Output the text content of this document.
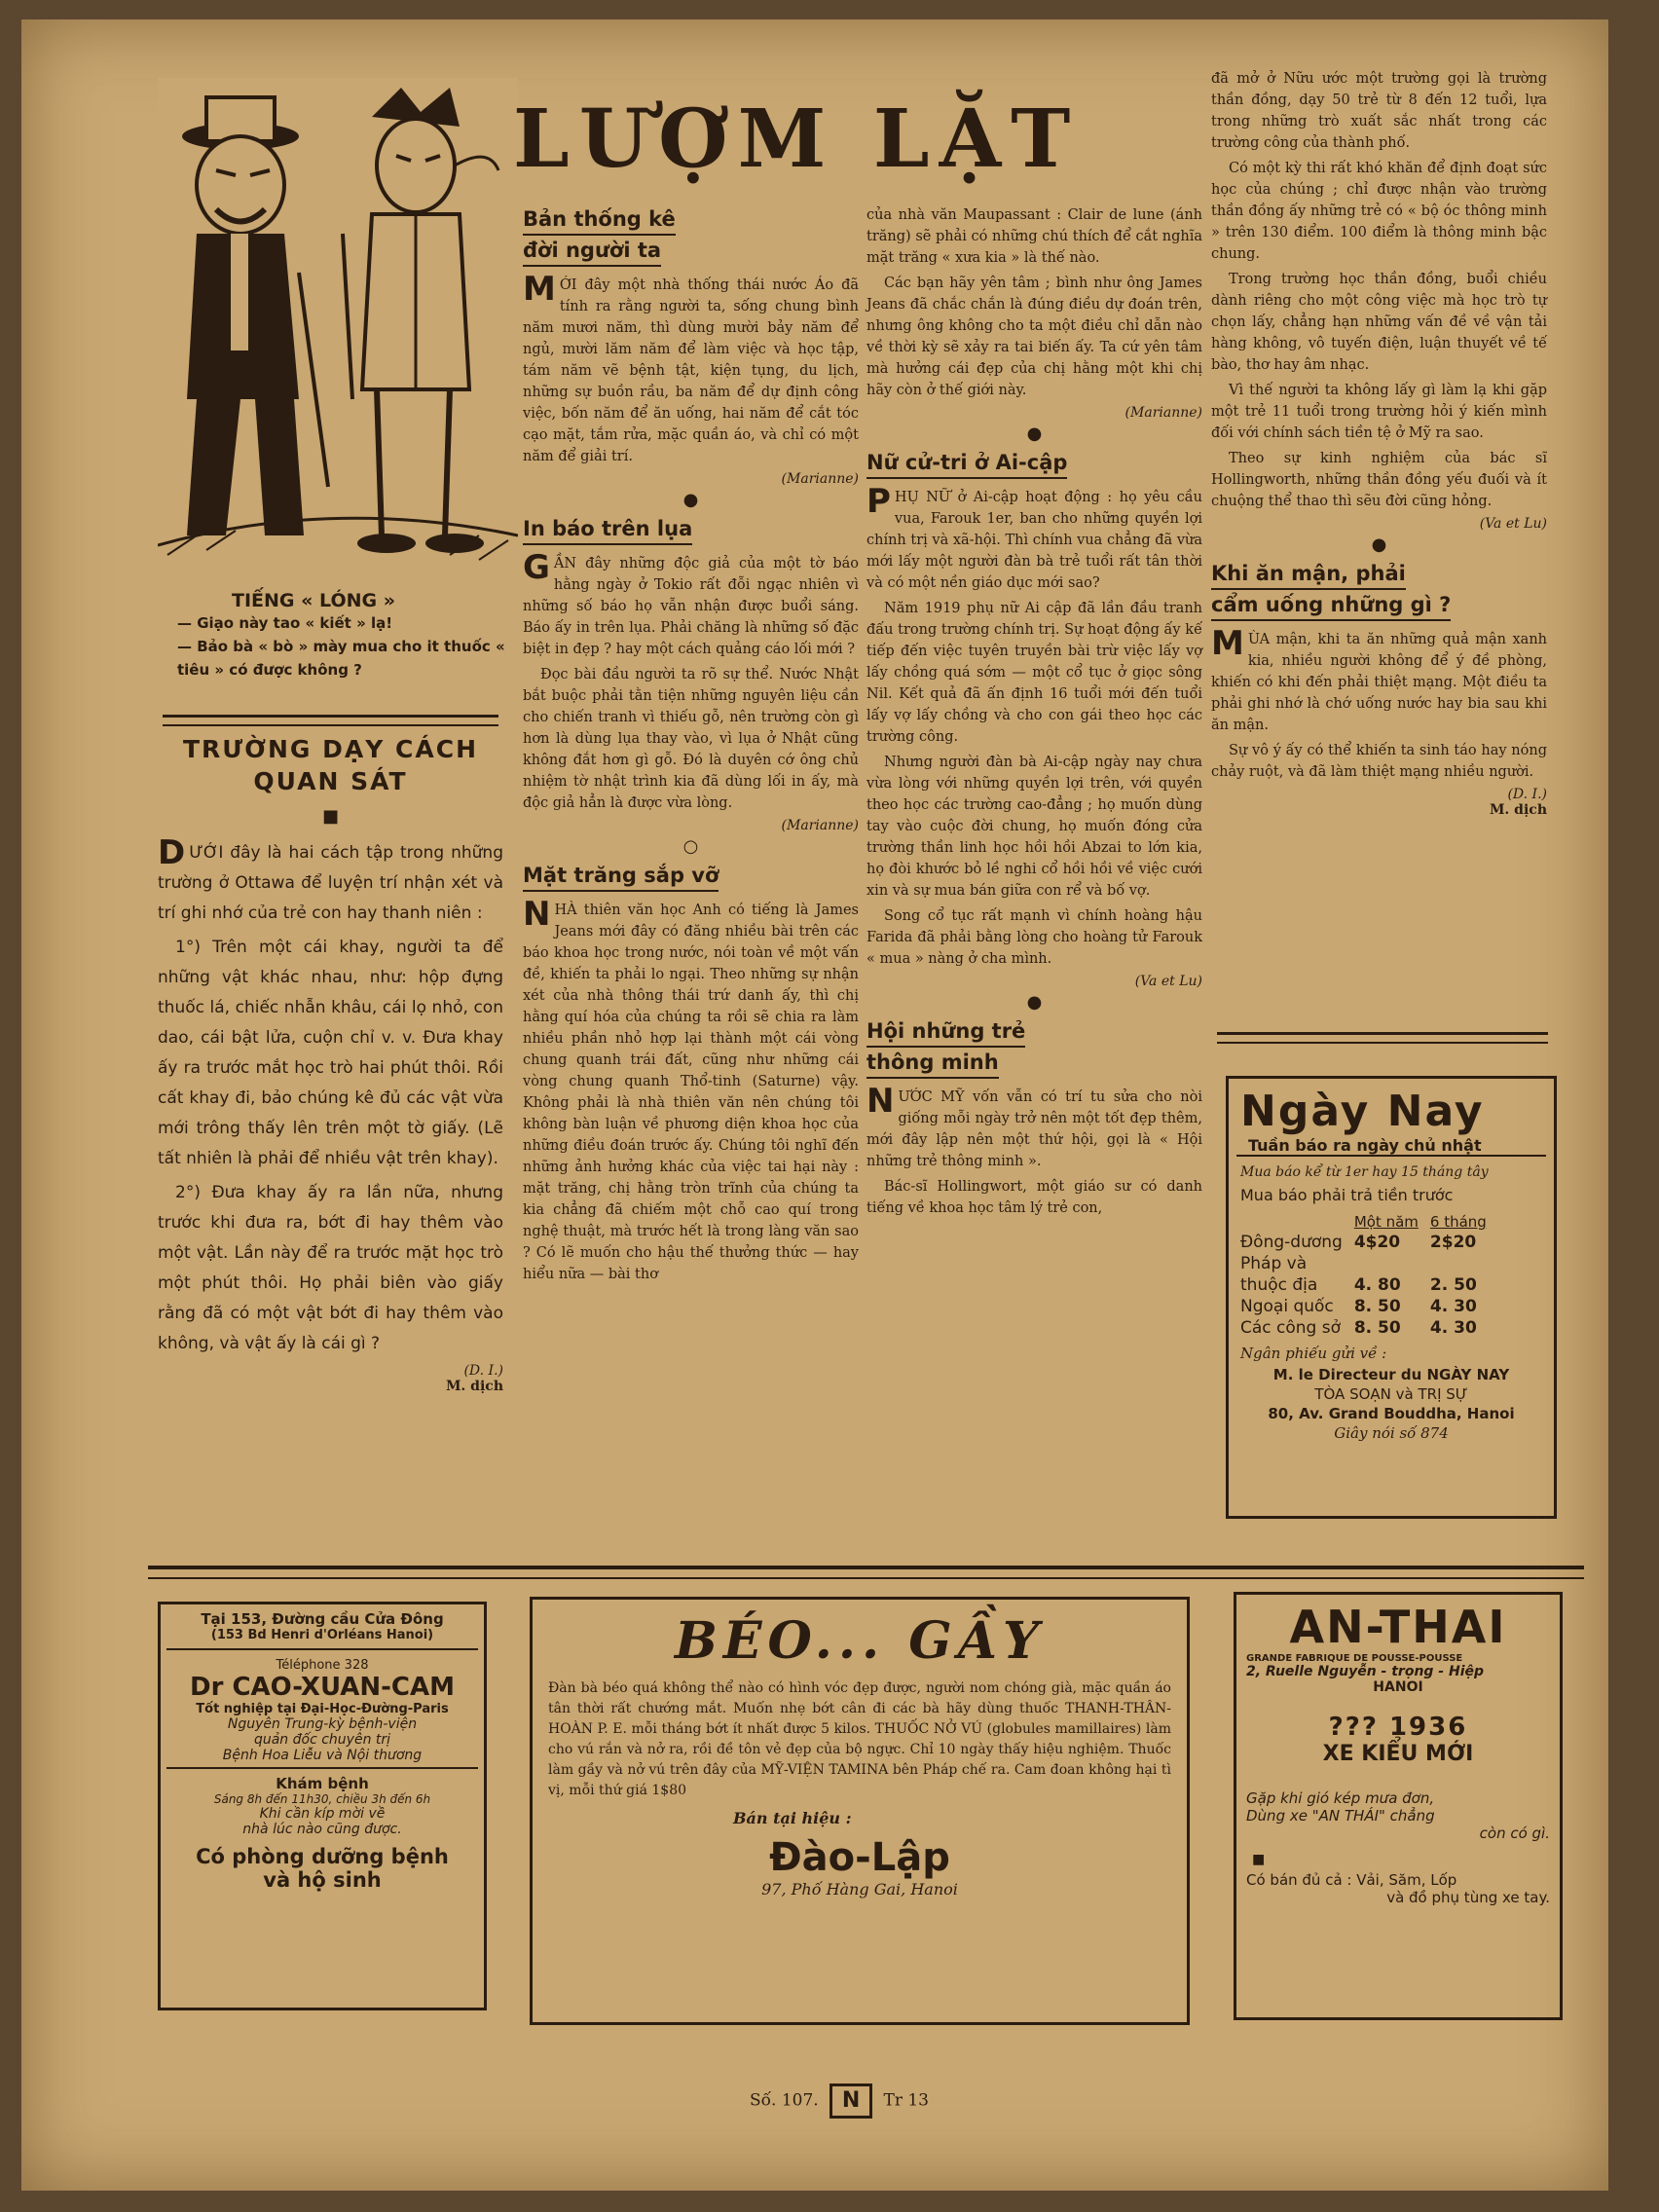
TIẾNG « LÓNG »
— Giạo này tao « kiết » lạ!
— Bảo bà « bò » mày mua cho it thuốc « tiêu » có được không ?
TRƯỜNG DẠY CÁCH
QUAN SÁT
■

DƯỚI đây là hai cách tập trong những trường ở Ottawa để luyện trí nhận xét và trí ghi nhớ của trẻ con hay thanh niên :

1°) Trên một cái khay, người ta để những vật khác nhau, như: hộp đựng thuốc lá, chiếc nhẫn khâu, cái lọ nhỏ, con dao, cái bật lửa, cuộn chỉ v. v. Đưa khay ấy ra trước mắt học trò hai phút thôi. Rồi cất khay đi, bảo chúng kê đủ các vật vừa mới trông thấy lên trên một tờ giấy. (Lẽ tất nhiên là phải để nhiều vật trên khay).

2°) Đưa khay ấy ra lần nữa, nhưng trước khi đưa ra, bớt đi hay thêm vào một vật. Lần này để ra trước mặt học trò một phút thôi. Họ phải biên vào giấy rằng đã có một vật bớt đi hay thêm vào không, và vật ấy là cái gì ?

(D. I.)
M. dịch
LƯỢM LẶT
Bản thống kê
đời người ta

MỚI đây một nhà thống thái nước Áo đã tính ra rằng người ta, sống chung bình năm mươi năm, thì dùng mười bảy năm để ngủ, mười lăm năm để làm việc và học tập, tám năm vẽ bệnh tật, kiện tụng, du lịch, những sự buồn rầu, ba năm để dự định công việc, bốn năm để ăn uống, hai năm để cắt tóc cạo mặt, tắm rửa, mặc quần áo, và chỉ có một năm để giải trí.

(Marianne)
●
In báo trên lụa

GẦN đây những độc giả của một tờ báo hằng ngày ở Tokio rất đỗi ngạc nhiên vì những số báo họ vẫn nhận được buổi sáng. Báo ấy in trên lụa. Phải chăng là những số đặc biệt in đẹp ? hay một cách quảng cáo lối mới ?

Đọc bài đầu người ta rõ sự thể. Nước Nhật bắt buộc phải tằn tiện những nguyên liệu cần cho chiến tranh vì thiếu gỗ, nên trường còn gì hơn là dùng lụa thay vào, vì lụa ở Nhật cũng không đắt hơn gì gỗ. Đó là duyên cớ ông chủ nhiệm tờ nhật trình kia đã dùng lối in ấy, mà độc giả hẳn là được vừa lòng.

(Marianne)
○
Mặt trăng sắp vỡ

NHÀ thiên văn học Anh có tiếng là James Jeans mới đây có đăng nhiều bài trên các báo khoa học trong nước, nói toàn về một vấn đề, khiến ta phải lo ngại. Theo những sự nhận xét của nhà thông thái trứ danh ấy, thì chị hằng quí hóa của chúng ta rồi sẽ chia ra làm nhiều phần nhỏ hợp lại thành một cái vòng chung quanh trái đất, cũng như những cái vòng chung quanh Thổ-tinh (Saturne) vậy. Không phải là nhà thiên văn nên chúng tôi không bàn luận về phương diện khoa học của những điều đoán trước ấy. Chúng tôi nghĩ đến những ảnh hưởng khác của việc tai hại này : mặt trăng, chị hằng tròn trĩnh của chúng ta kia chẳng đã chiếm một chỗ cao quí trong nghệ thuật, mà trước hết là trong làng văn sao ? Có lẽ muốn cho hậu thế thưởng thức — hay hiểu nữa — bài thơ

của nhà văn Maupassant : Clair de lune (ánh trăng) sẽ phải có những chú thích để cắt nghĩa mặt trăng « xưa kia » là thế nào.

Các bạn hãy yên tâm ; bình như ông James Jeans đã chắc chắn là đúng điều dự đoán trên, nhưng ông không cho ta một điều chỉ dẫn nào về thời kỳ sẽ xảy ra tai biến ấy. Ta cứ yên tâm mà hưởng cái đẹp của chị hằng một khi chị hãy còn ở thế giới này.

(Marianne)
●
Nữ cử-tri ở Ai-cập

PHỤ NỮ ở Ai-cập hoạt động : họ yêu cầu vua, Farouk 1er, ban cho những quyền lợi chính trị và xã-hội. Thì chính vua chẳng đã vừa mới lấy một người đàn bà trẻ tuổi rất tân thời và có một nền giáo dục mới sao?

Năm 1919 phụ nữ Ai cập đã lần đầu tranh đấu trong trường chính trị. Sự hoạt động ấy kế tiếp đến việc tuyên truyền bài trừ việc lấy vợ lấy chồng quá sớm — một cổ tục ở giọc sông Nil. Kết quả đã ấn định 16 tuổi mới đến tuổi lấy vợ lấy chồng và cho con gái theo học các trường công.

Nhưng người đàn bà Ai-cập ngày nay chưa vừa lòng với những quyền lợi trên, với quyền theo học các trường cao-đẳng ; họ muốn dùng tay vào cuộc đời chung, họ muốn đóng cửa trường thần linh học hồi hồi Abzai to lớn kia, họ đòi khước bỏ lề nghi cổ hồi hồi về việc cưới xin và sự mua bán giữa con rể và bố vợ.

Song cổ tục rất mạnh vì chính hoàng hậu Farida đã phải bằng lòng cho hoàng tử Farouk « mua » nàng ở cha mình.

(Va et Lu)
●
Hội những trẻ
thông minh

NƯỚC MỸ vốn vẫn có trí tu sửa cho nòi giống mỗi ngày trở nên một tốt đẹp thêm, mới đây lập nên một thứ hội, gọi là « Hội những trẻ thông minh ».

Bác-sĩ Hollingwort, một giáo sư có danh tiếng về khoa học tâm lý trẻ con,

đã mở ở Nữu ước một trường gọi là trường thần đồng, dạy 50 trẻ từ 8 đến 12 tuổi, lựa trong những trò xuất sắc nhất trong các trường công của thành phố.

Có một kỳ thi rất khó khăn để định đoạt sức học của chúng ; chỉ được nhận vào trường thần đồng ấy những trẻ có « bộ óc thông minh » trên 130 điểm. 100 điểm là thông minh bậc chung.

Trong trường học thần đồng, buổi chiều dành riêng cho một công việc mà học trò tự chọn lấy, chẳng hạn những vấn đề về vận tải hàng không, vô tuyến điện, luận thuyết về tế bào, thơ hay âm nhạc.

Vì thế người ta không lấy gì làm lạ khi gặp một trẻ 11 tuổi trong trường hỏi ý kiến mình đối với chính sách tiền tệ ở Mỹ ra sao.

Theo sự kinh nghiệm của bác sĩ Hollingworth, những thần đồng yếu đuối và ít chuộng thể thao thì sẽu đời cũng hỏng.

(Va et Lu)
●
Khi ăn mận, phải
cẩm uống những gì ?

MÙA mận, khi ta ăn những quả mận xanh kia, nhiều người không để ý đề phòng, khiến có khi đến phải thiệt mạng. Một điều ta phải ghi nhớ là chớ uống nước hay bia sau khi ăn mận.

Sự vô ý ấy có thể khiến ta sinh táo hay nóng chảy ruột, và đã làm thiệt mạng nhiều người.

(D. I.)
M. dịch
Ngày Nay
Tuần báo ra ngày chủ nhật
Mua báo kể từ 1er hay 15 tháng tây
Mua báo phải trả tiền trước
	Một năm	6 tháng
Đông-dương	4$20	2$20
Pháp và		
thuộc địa	4. 80	2. 50
Ngoại quốc	8. 50	4. 30
Các công sở	8. 50	4. 30
Ngân phiếu gửi về :
M. le Directeur du NGÀY NAY
TÒA SOẠN và TRỊ SỰ
80, Av. Grand Bouddha, Hanoi
Giây nói số 874
Tại 153, Đường cầu Cửa Đông
(153 Bd Henri d'Orléans Hanoi)
Téléphone 328
Dr CAO-XUAN-CAM
Tốt nghiệp tại Đại-Học-Đường-Paris
Nguyên Trung-kỳ bệnh-viện
quản đốc chuyên trị
Bệnh Hoa Liễu và Nội thương
Khám bệnh
Sáng 8h đến 11h30, chiều 3h đến 6h
Khi cần kíp mời về
nhà lúc nào cũng được.
Có phòng dưỡng bệnh
và hộ sinh
BÉO... GẦY

Đàn bà béo quá không thể nào có hình vóc đẹp được, người nom chóng già, mặc quần áo tân thời rất chướng mắt. Muốn nhẹ bớt cân đi các bà hãy dùng thuốc THANH-THÂN-HOÀN P. E. mỗi tháng bớt ít nhất được 5 kilos. THUỐC NỞ VÚ (globules mamillaires) làm cho vú rắn và nở ra, rồi đề tôn vẻ đẹp của bộ ngực. Chỉ 10 ngày thấy hiệu nghiệm. Thuốc làm gầy và nở vú trên đây của MỸ-VIỆN TAMINA bên Pháp chế ra. Cam đoan không hại tì vị, mỗi thứ giá 1$80

Bán tại hiệu :
Đào-Lập
97, Phố Hàng Gai, Hanoi
AN-THAI
GRANDE FABRIQUE DE POUSSE-POUSSE
2, Ruelle Nguyễn - trọng - Hiệp
HANOI
??? 1936
XE KIỂU MỚI
Gặp khi gió kép mưa đơn,
Dùng xe "AN THÁI" chẳng
còn có gì.
■
Có bán đủ cả : Vải, Săm, Lốp
và đồ phụ tùng xe tay.
Số. 107. N Tr 13
